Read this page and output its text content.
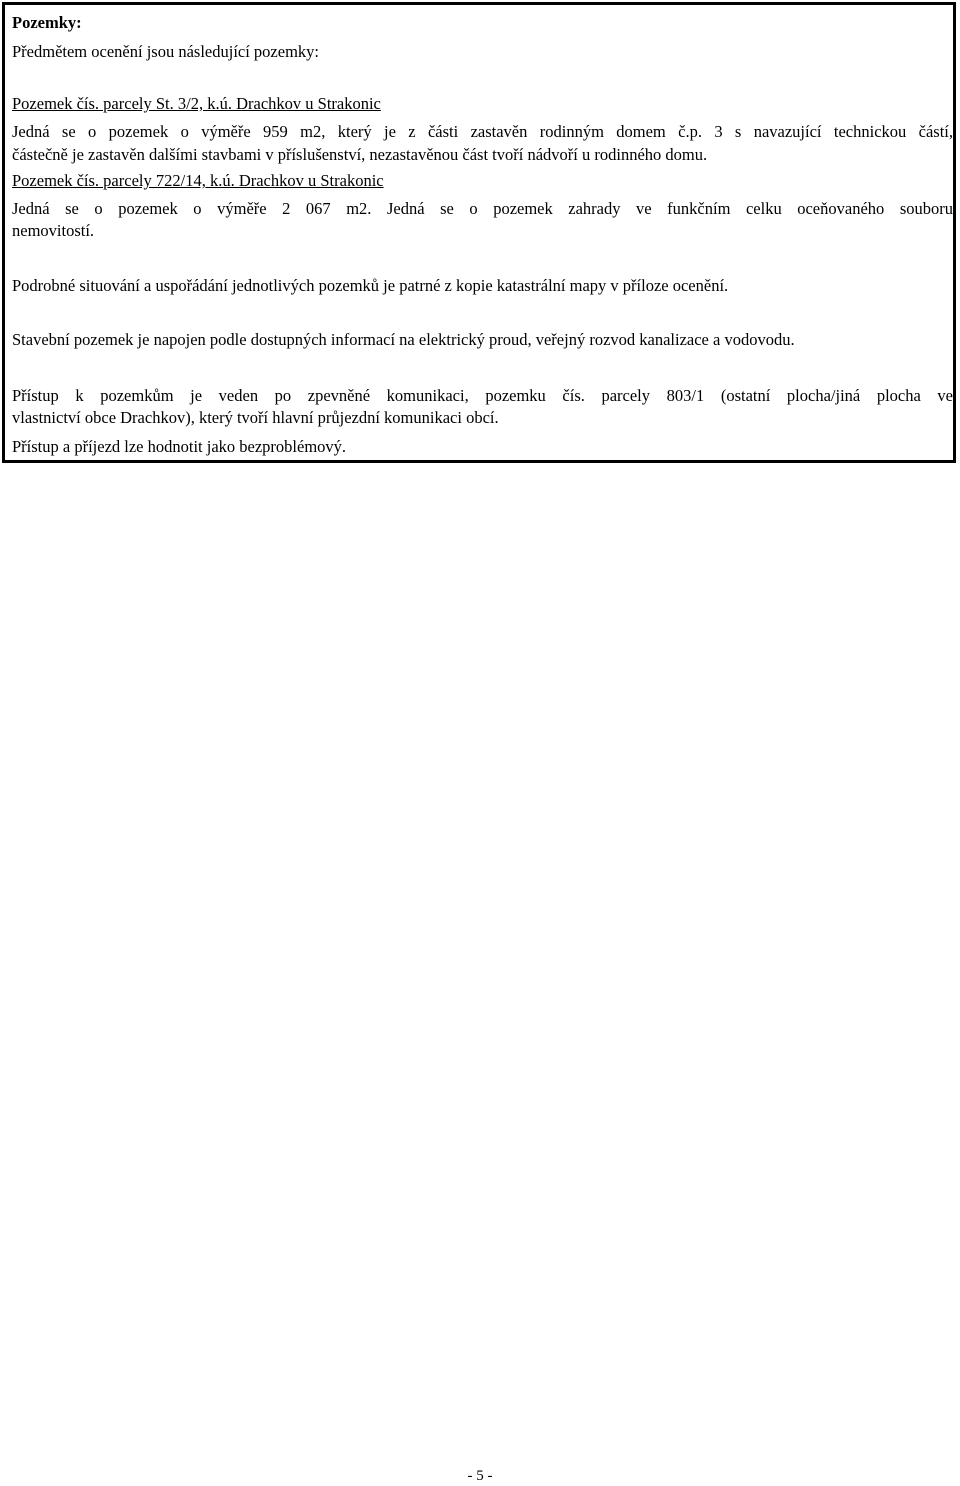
Pozemky:
Předmětem ocenění jsou následující pozemky:
Pozemek čís. parcely St. 3/2, k.ú. Drachkov u Strakonic
Jedná se o pozemek o výměře 959 m2, který je z části zastavěn rodinným domem č.p. 3 s navazující technickou částí,
částečně je zastavěn dalšími stavbami v příslušenství, nezastavěnou část tvoří nádvoří u rodinného domu.
Pozemek čís. parcely 722/14, k.ú. Drachkov u Strakonic
Jedná se o pozemek o výměře 2 067 m2. Jedná se o pozemek zahrady ve funkčním celku oceňovaného souboru
nemovitostí.
Podrobné situování a uspořádání jednotlivých pozemků je patrné z kopie katastrální mapy v příloze ocenění.
Stavební pozemek je napojen podle dostupných informací na elektrický proud, veřejný rozvod kanalizace a vodovodu.
Přístup k pozemkům je veden po zpevněné komunikaci, pozemku čís. parcely 803/1 (ostatní plocha/jiná plocha ve
vlastnictví obce Drachkov), který tvoří hlavní průjezdní komunikaci obcí.
Přístup a příjezd lze hodnotit jako bezproblémový.
- 5 -
